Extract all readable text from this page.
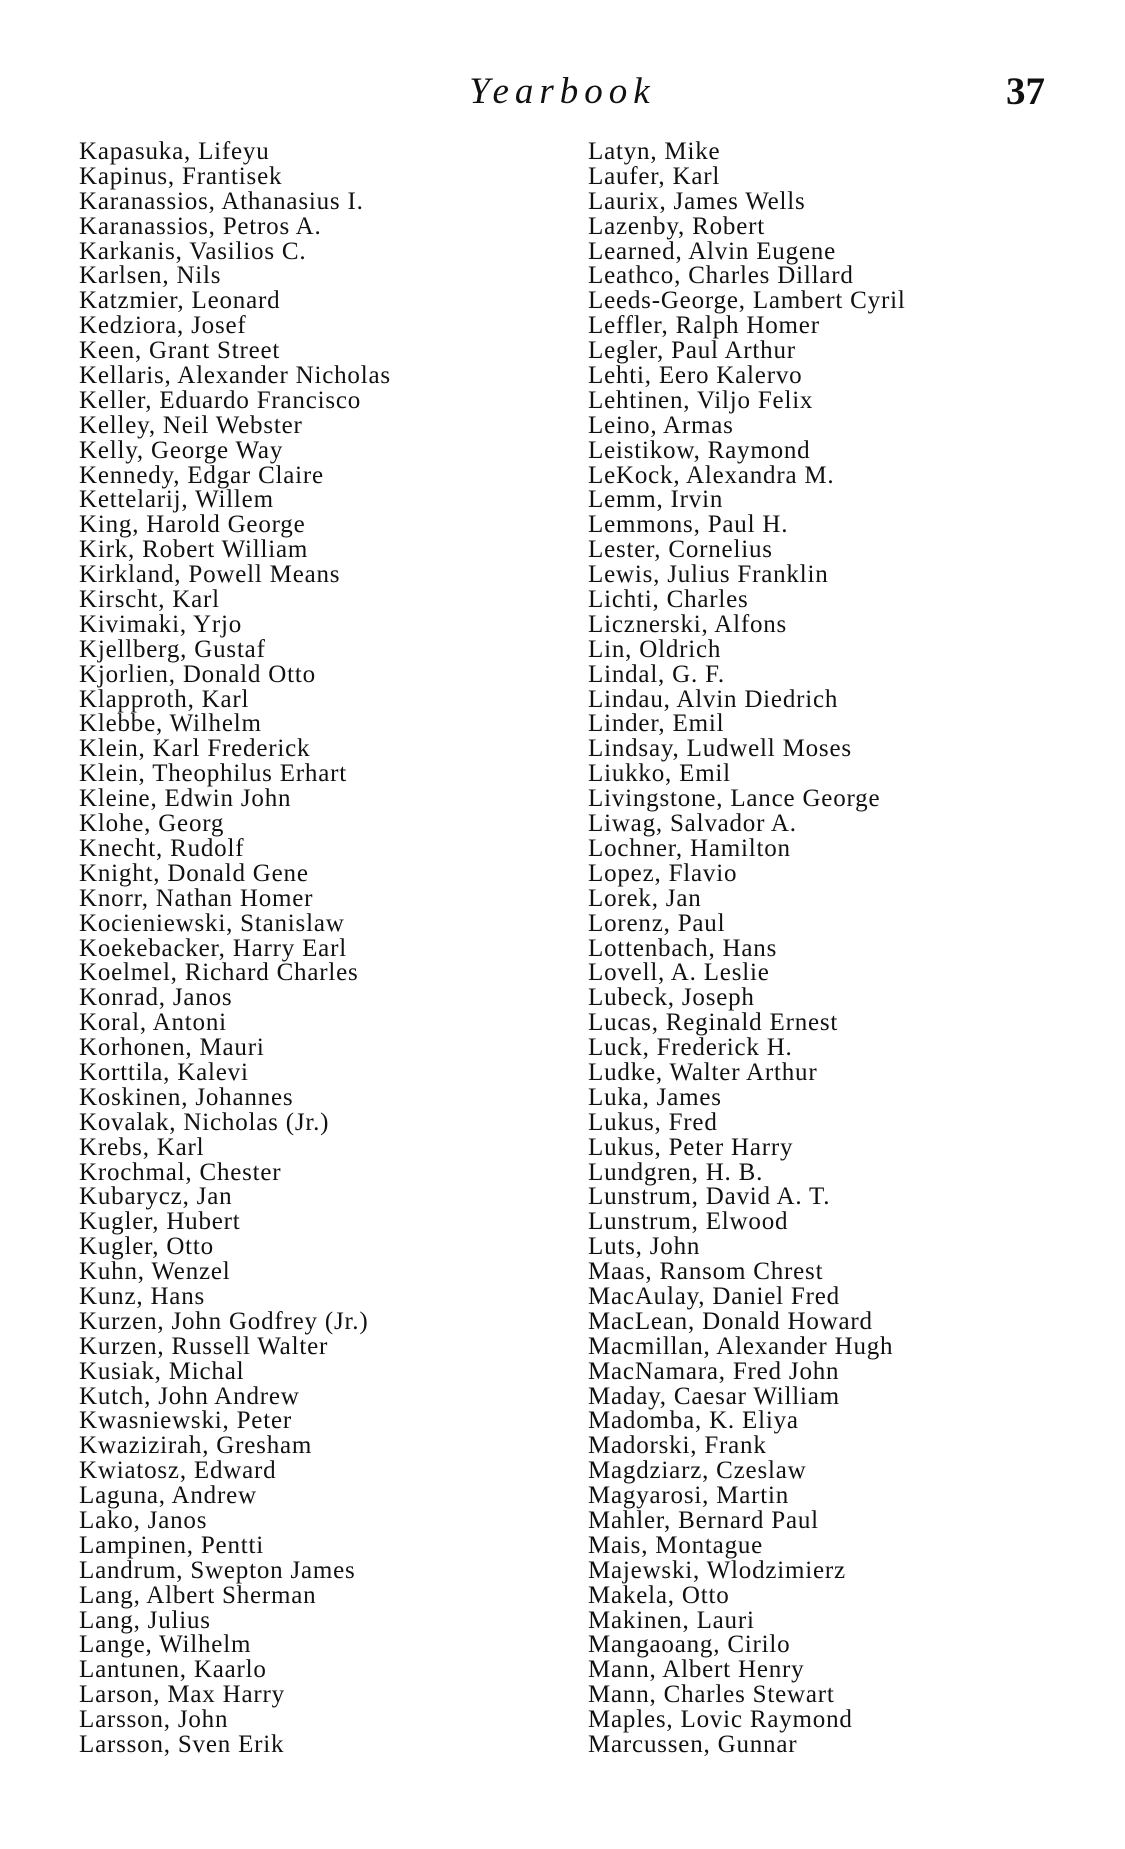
Yearbook	37
Kapasuka, Lifeyu
Kapinus, Frantisek
Karanassios, Athanasius I.
Karanassios, Petros A.
Karkanis, Vasilios C.
Karlsen, Nils
Katzmier, Leonard
Kedziora, Josef
Keen, Grant Street
Kellaris, Alexander Nicholas
Keller, Eduardo Francisco
Kelley, Neil Webster
Kelly, George Way
Kennedy, Edgar Claire
Kettelarij, Willem
King, Harold George
Kirk, Robert William
Kirkland, Powell Means
Kirscht, Karl
Kivimaki, Yrjo
Kjellberg, Gustaf
Kjorlien, Donald Otto
Klapproth, Karl
Klebbe, Wilhelm
Klein, Karl Frederick
Klein, Theophilus Erhart
Kleine, Edwin John
Klohe, Georg
Knecht, Rudolf
Knight, Donald Gene
Knorr, Nathan Homer
Kocieniewski, Stanislaw
Koekebacker, Harry Earl
Koelmel, Richard Charles
Konrad, Janos
Koral, Antoni
Korhonen, Mauri
Korttila, Kalevi
Koskinen, Johannes
Kovalak, Nicholas (Jr.)
Krebs, Karl
Krochmal, Chester
Kubarycz, Jan
Kugler, Hubert
Kugler, Otto
Kuhn, Wenzel
Kunz, Hans
Kurzen, John Godfrey (Jr.)
Kurzen, Russell Walter
Kusiak, Michal
Kutch, John Andrew
Kwasniewski, Peter
Kwazizirah, Gresham
Kwiatosz, Edward
Laguna, Andrew
Lako, Janos
Lampinen, Pentti
Landrum, Swepton James
Lang, Albert Sherman
Lang, Julius
Lange, Wilhelm
Lantunen, Kaarlo
Larson, Max Harry
Larsson, John
Larsson, Sven Erik
Latyn, Mike
Laufer, Karl
Laurix, James Wells
Lazenby, Robert
Learned, Alvin Eugene
Leathco, Charles Dillard
Leeds-George, Lambert Cyril
Leffler, Ralph Homer
Legler, Paul Arthur
Lehti, Eero Kalervo
Lehtinen, Viljo Felix
Leino, Armas
Leistikow, Raymond
LeKock, Alexandra M.
Lemm, Irvin
Lemmons, Paul H.
Lester, Cornelius
Lewis, Julius Franklin
Lichti, Charles
Licznerski, Alfons
Lin, Oldrich
Lindal, G. F.
Lindau, Alvin Diedrich
Linder, Emil
Lindsay, Ludwell Moses
Liukko, Emil
Livingstone, Lance George
Liwag, Salvador A.
Lochner, Hamilton
Lopez, Flavio
Lorek, Jan
Lorenz, Paul
Lottenbach, Hans
Lovell, A. Leslie
Lubeck, Joseph
Lucas, Reginald Ernest
Luck, Frederick H.
Ludke, Walter Arthur
Luka, James
Lukus, Fred
Lukus, Peter Harry
Lundgren, H. B.
Lunstrum, David A. T.
Lunstrum, Elwood
Luts, John
Maas, Ransom Chrest
MacAulay, Daniel Fred
MacLean, Donald Howard
Macmillan, Alexander Hugh
MacNamara, Fred John
Maday, Caesar William
Madomba, K. Eliya
Madorski, Frank
Magdziarz, Czeslaw
Magyarosi, Martin
Mahler, Bernard Paul
Mais, Montague
Majewski, Wlodzimierz
Makela, Otto
Makinen, Lauri
Mangaoang, Cirilo
Mann, Albert Henry
Mann, Charles Stewart
Maples, Lovic Raymond
Marcussen, Gunnar
